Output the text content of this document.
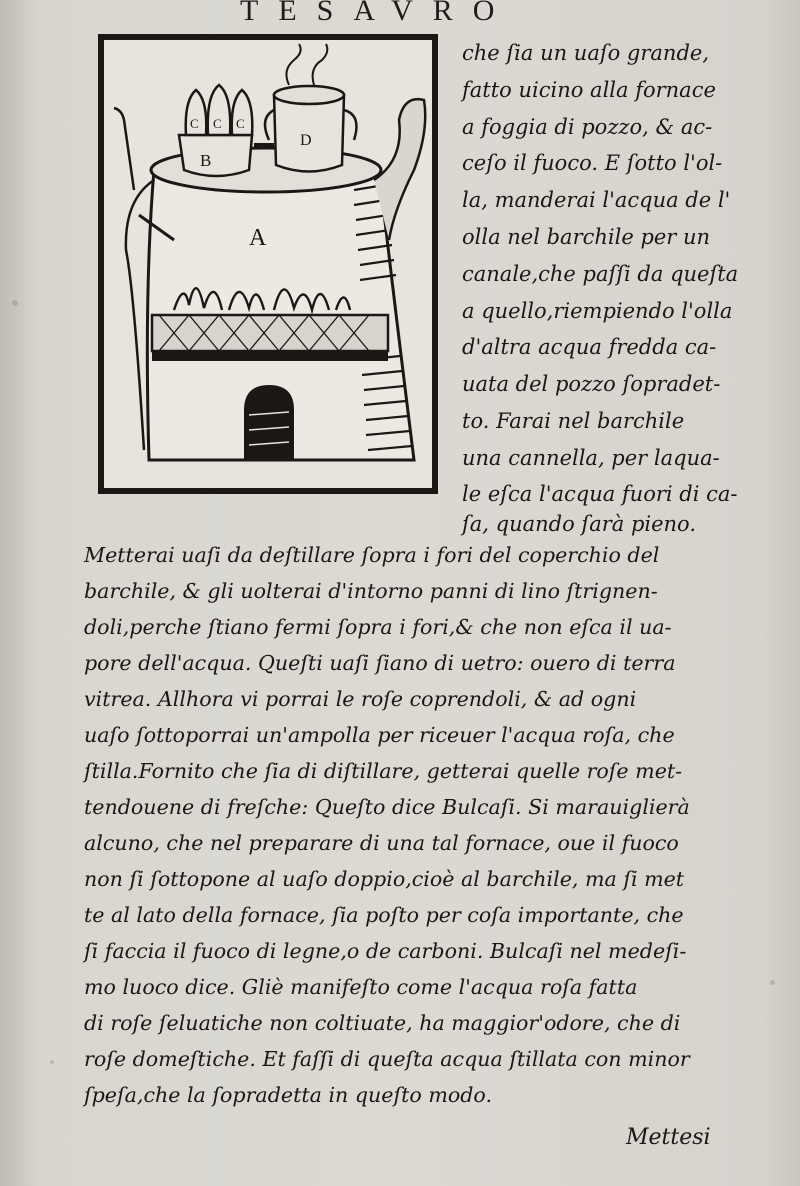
TESAVRO
A
B
C C C
D
che ſia un uaſo grande,
fatto uicino alla fornace
a foggia di pozzo, & ac-
ceſo il fuoco. E ſotto l'ol-
la, manderai l'acqua de l'
olla nel barchile per un
canale,che paſſi da queſta
a quello,riempiendo l'olla
d'altra acqua fredda ca-
uata del pozzo ſopradet-
to. Farai nel barchile
una cannella, per laqua-
le eſca l'acqua fuori di ca-
ſa, quando ſarà pieno.
Metterai uaſi da deſtillare ſopra i fori del coperchio del
barchile, & gli uolterai d'intorno panni di lino ſtrignen-
doli,perche ſtiano fermi ſopra i fori,& che non eſca il ua-
pore dell'acqua. Queſti uaſi ſiano di uetro: ouero di terra
vitrea. Allhora vi porrai le roſe coprendoli, & ad ogni
uaſo ſottoporrai un'ampolla per riceuer l'acqua roſa, che
ſtilla.Fornito che ſia di diſtillare, getterai quelle roſe met-
tendouene di freſche: Queſto dice Bulcaſi. Si marauiglierà
alcuno, che nel preparare di una tal fornace, oue il fuoco
non ſi ſottopone al uaſo doppio,cioè al barchile, ma ſi met
te al lato della fornace, ſia poſto per coſa importante, che
ſi faccia il fuoco di legne,o de carboni. Bulcaſi nel medeſi-
mo luoco dice. Gliè manifeſto come l'acqua roſa fatta
di roſe ſeluatiche non coltiuate, ha maggior'odore, che di
roſe domeſtiche. Et faſſi di queſta acqua ſtillata con minor
ſpeſa,che la ſopradetta in queſto modo.
Mettesi
